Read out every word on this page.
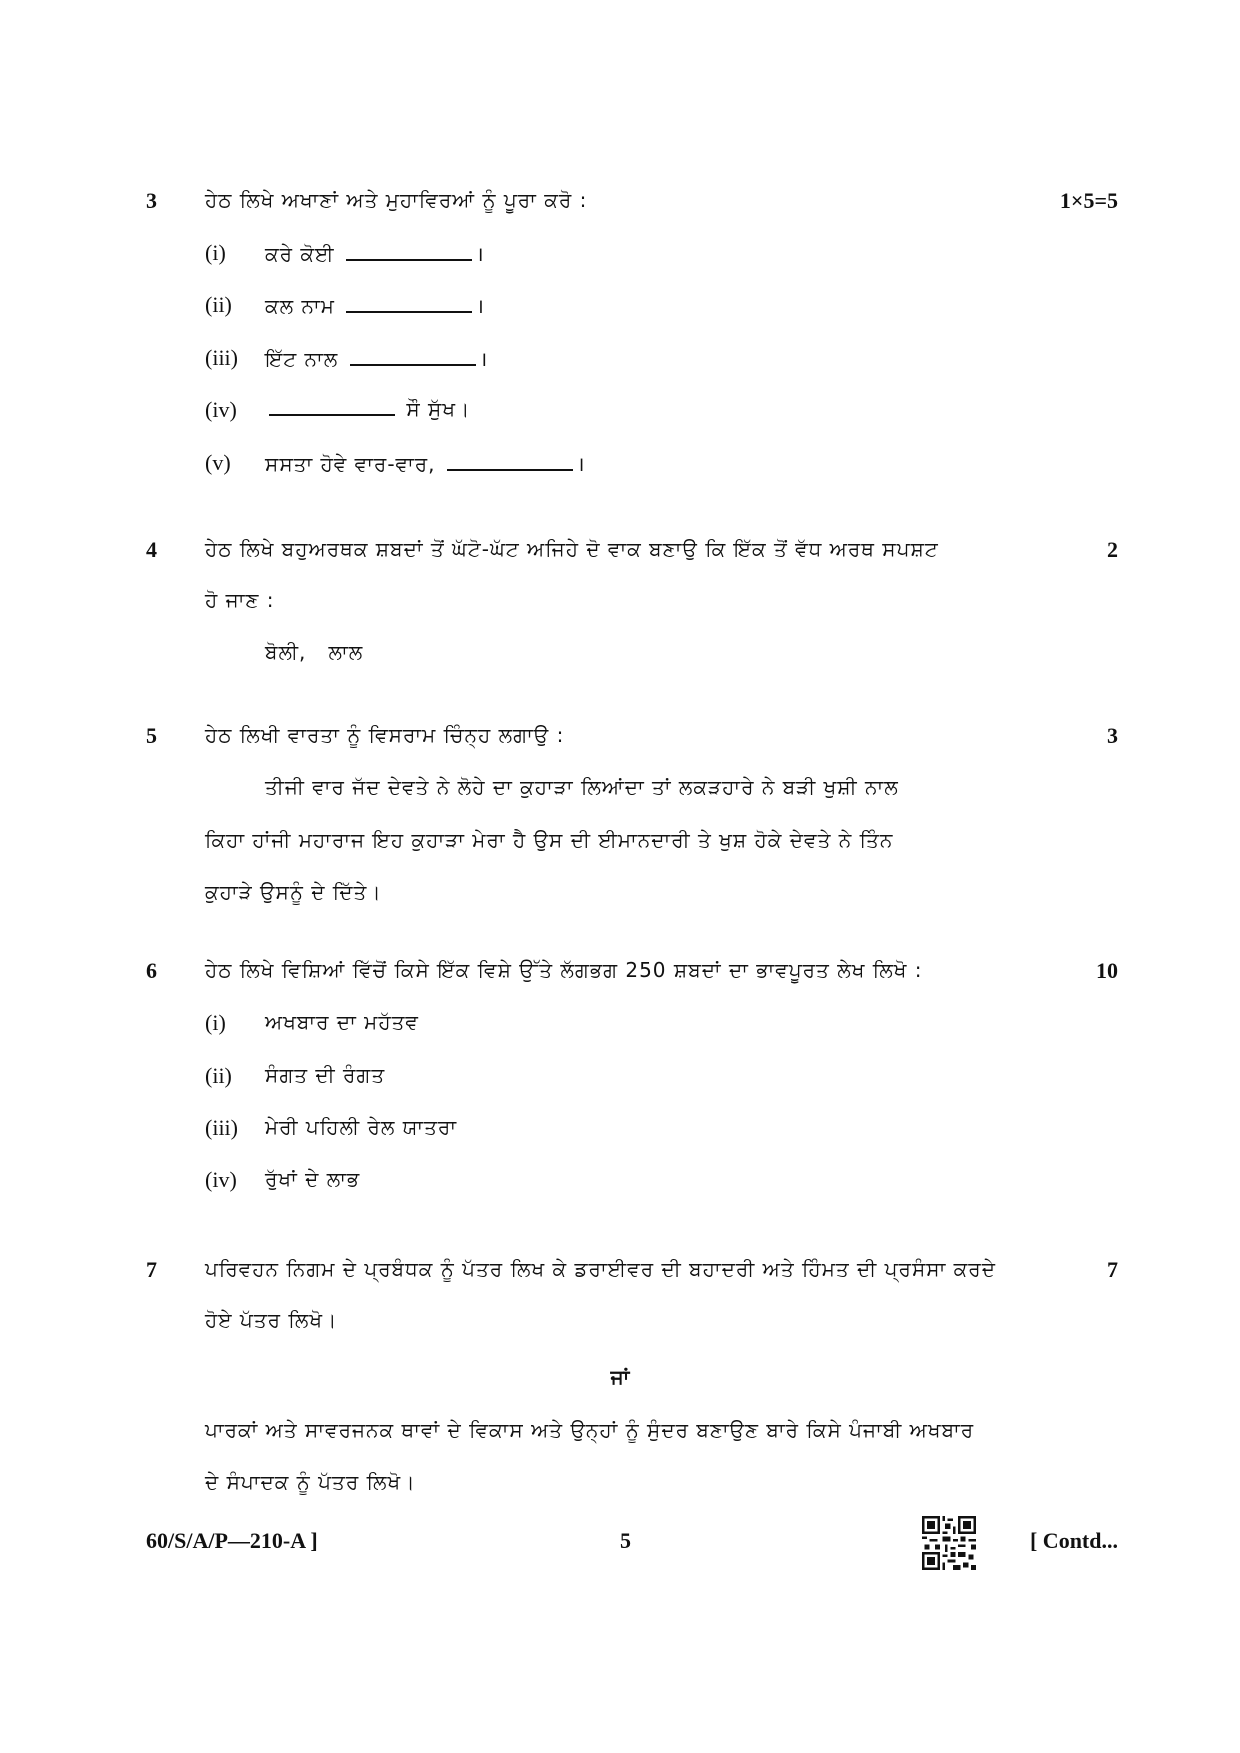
3 ਹੇਠ ਲਿਖੇ ਅਖਾਣਾਂ ਅਤੇ ਮੁਹਾਵਿਰਆਂ ਨੂੰ ਪੂਰਾ ਕਰੋ :	1×5=5
(i) ਕਰੇ ਕੋਈ	।
(ii) ਕਲ ਨਾਮ	।
(iii) ਇੱਟ ਨਾਲ	।
(iv)	ਸੌ ਸੁੱਖ।
(v) ਸਸਤਾ ਹੋਵੇ ਵਾਰ-ਵਾਰ,	।
4 ਹੇਠ ਲਿਖੇ ਬਹੁਅਰਥਕ ਸ਼ਬਦਾਂ ਤੋਂ ਘੱਟੋ-ਘੱਟ ਅਜਿਹੇ ਦੋ ਵਾਕ ਬਣਾਉ ਕਿ ਇੱਕ ਤੋਂ ਵੱਧ ਅਰਥ ਸਪਸ਼ਟ	2
ਹੋ ਜਾਣ :
ਬੋਲੀ,   ਲਾਲ
5 ਹੇਠ ਲਿਖੀ ਵਾਰਤਾ ਨੂੰ ਵਿਸਰਾਮ ਚਿੰਨ੍ਹ ਲਗਾਉ :	3
ਤੀਜੀ ਵਾਰ ਜੱਦ ਦੇਵਤੇ ਨੇ ਲੋਹੇ ਦਾ ਕੁਹਾੜਾ ਲਿਆਂਦਾ ਤਾਂ ਲਕੜਹਾਰੇ ਨੇ ਬੜੀ ਖੁਸ਼ੀ ਨਾਲ
ਕਿਹਾ ਹਾਂਜੀ ਮਹਾਰਾਜ ਇਹ ਕੁਹਾੜਾ ਮੇਰਾ ਹੈ ਉਸ ਦੀ ਈਮਾਨਦਾਰੀ ਤੇ ਖੁਸ਼ ਹੋਕੇ ਦੇਵਤੇ ਨੇ ਤਿੰਨ
ਕੁਹਾੜੇ ਉਸਨੂੰ ਦੇ ਦਿੱਤੇ।
6 ਹੇਠ ਲਿਖੇ ਵਿਸ਼ਿਆਂ ਵਿੱਚੋਂ ਕਿਸੇ ਇੱਕ ਵਿਸ਼ੇ ਉੱਤੇ ਲੱਗਭਗ 250 ਸ਼ਬਦਾਂ ਦਾ ਭਾਵਪੂਰਤ ਲੇਖ ਲਿਖੋ :	10
(i) ਅਖਬਾਰ ਦਾ ਮਹੱਤਵ
(ii) ਸੰਗਤ ਦੀ ਰੰਗਤ
(iii) ਮੇਰੀ ਪਹਿਲੀ ਰੇਲ ਯਾਤਰਾ
(iv) ਰੁੱਖਾਂ ਦੇ ਲਾਭ
7 ਪਰਿਵਹਨ ਨਿਗਮ ਦੇ ਪ੍ਰਬੰਧਕ ਨੂੰ ਪੱਤਰ ਲਿਖ ਕੇ ਡਰਾਈਵਰ ਦੀ ਬਹਾਦਰੀ ਅਤੇ ਹਿੰਮਤ ਦੀ ਪ੍ਰਸੰਸਾ ਕਰਦੇ	7
ਹੋਏ ਪੱਤਰ ਲਿਖੋ।
ਜਾਂ
ਪਾਰਕਾਂ ਅਤੇ ਸਾਵਰਜਨਕ ਥਾਵਾਂ ਦੇ ਵਿਕਾਸ ਅਤੇ ਉਨ੍ਹਾਂ ਨੂੰ ਸੁੰਦਰ ਬਣਾਉਣ ਬਾਰੇ ਕਿਸੇ ਪੰਜਾਬੀ ਅਖਬਾਰ
ਦੇ ਸੰਪਾਦਕ ਨੂੰ ਪੱਤਰ ਲਿਖੋ।
60/S/A/P—210-A ]	5	[ Contd...
